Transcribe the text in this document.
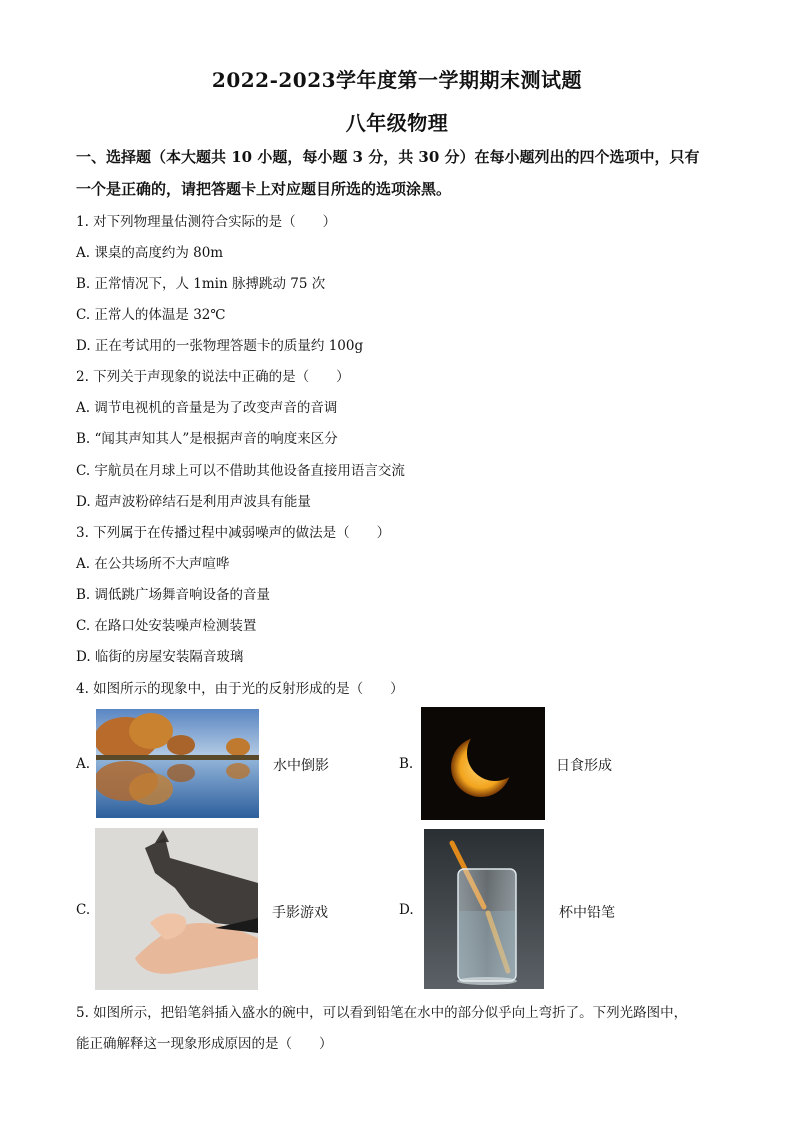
2022-2023学年度第一学期期末测试题
八年级物理
一、选择题（本大题共 10 小题，每小题 3 分，共 30 分）在每小题列出的四个选项中，只有
一个是正确的，请把答题卡上对应题目所选的选项涂黑。
1. 对下列物理量估测符合实际的是（　　）
A. 课桌的高度约为 80m
B. 正常情况下，人 1min 脉搏跳动 75 次
C. 正常人的体温是 32℃
D. 正在考试用的一张物理答题卡的质量约 100g
2. 下列关于声现象的说法中正确的是（　　）
A. 调节电视机的音量是为了改变声音的音调
B. “闻其声知其人”是根据声音的响度来区分
C. 宇航员在月球上可以不借助其他设备直接用语言交流
D. 超声波粉碎结石是利用声波具有能量
3. 下列属于在传播过程中减弱噪声的做法是（　　）
A. 在公共场所不大声喧哗
B. 调低跳广场舞音响设备的音量
C. 在路口处安装噪声检测装置
D. 临街的房屋安装隔音玻璃
4. 如图所示的现象中，由于光的反射形成的是（　　）
A.	水中倒影	B.	日食形成
C.	手影游戏	D.	杯中铅笔
5. 如图所示，把铅笔斜插入盛水的碗中，可以看到铅笔在水中的部分似乎向上弯折了。下列光路图中，
能正确解释这一现象形成原因的是（　　）
